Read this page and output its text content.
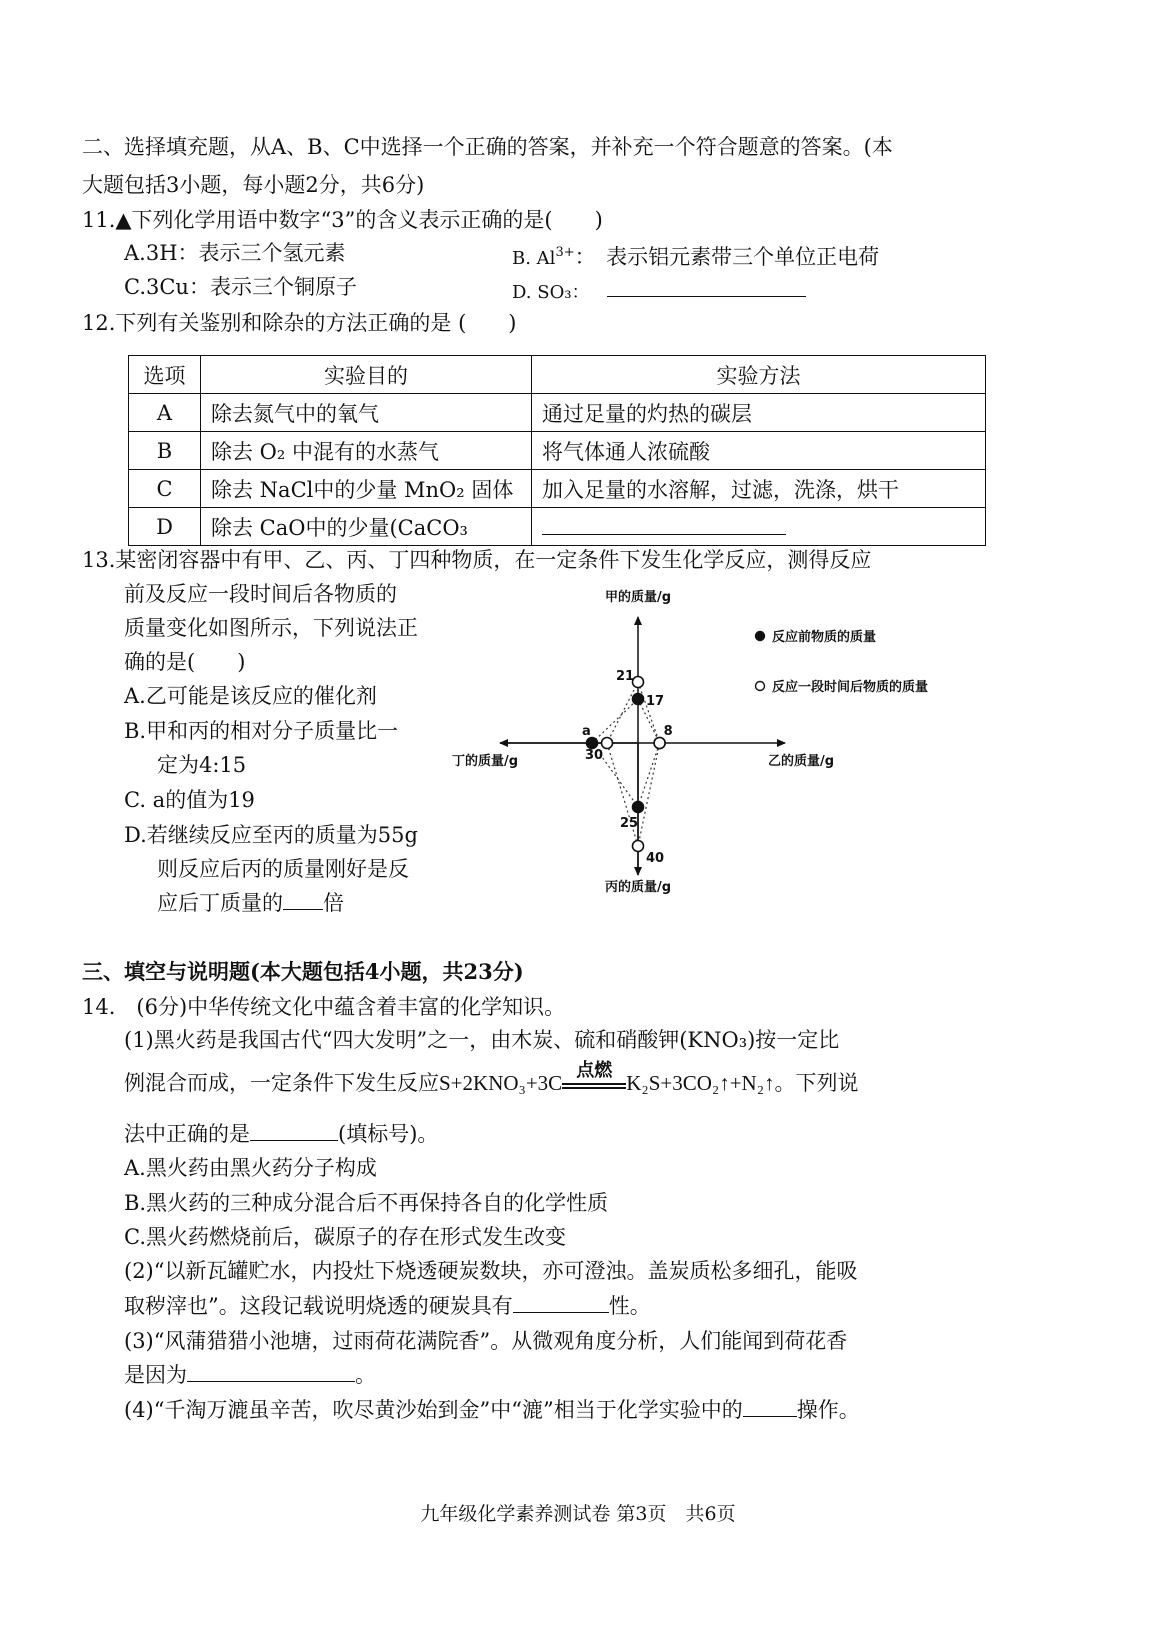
二、选择填充题，从A、B、C中选择一个正确的答案，并补充一个符合题意的答案。(本
大题包括3小题，每小题2分，共6分)
11.▲下列化学用语中数字“3”的含义表示正确的是(　　)
A.3H：表示三个氢元素	B. $Al^{3+}$：　表示铝元素带三个单位正电荷
C.3Cu：表示三个铜原子	D. SO₃：
12.下列有关鉴别和除杂的方法正确的是 (　　)
选项	实验目的	实验方法
A	除去氮气中的氧气	通过足量的灼热的碳层
B	除去 O₂ 中混有的水蒸气	将气体通人浓硫酸
C	除去 NaCl中的少量 MnO₂ 固体	加入足量的水溶解，过滤，洗涤，烘干
D	除去 CaO中的少量(CaCO₃	
13.某密闭容器中有甲、乙、丙、丁四种物质，在一定条件下发生化学反应，测得反应
前及反应一段时间后各物质的
质量变化如图所示，下列说法正
确的是(　　)
A.乙可能是该反应的催化剂
B.甲和丙的相对分子质量比一
定为4:15
C. a的值为19
D.若继续反应至丙的质量为55g
则反应后丙的质量刚好是反
应后丁质量的 倍
甲的质量/g
乙的质量/g
丙的质量/g
丁的质量/g
17
8
25
a
21
40
30
反应前物质的质量
反应一段时间后物质的质量
三、填空与说明题(本大题包括4小题，共23分)
14.　(6分)中华传统文化中蕴含着丰富的化学知识。
(1)黑火药是我国古代“四大发明”之一，由木炭、硫和硝酸钾(KNO₃)按一定比
例混合而成，一定条件下发生反应S+2KNO₃+3C
点燃
K₂S+3CO₂↑+N₂↑。下列说
法中正确的是	(填标号)。
A.黑火药由黑火药分子构成
B.黑火药的三种成分混合后不再保持各自的化学性质
C.黑火药燃烧前后，碳原子的存在形式发生改变
(2)“以新瓦罐贮水，内投灶下烧透硬炭数块，亦可澄浊。盖炭质松多细孔，能吸
取秽滓也”。这段记载说明烧透的硬炭具有	性。
(3)“风蒲猎猎小池塘，过雨荷花满院香”。从微观角度分析，人们能闻到荷花香
是因为	。
(4)“千淘万漉虽辛苦，吹尽黄沙始到金”中“漉”相当于化学实验中的	操作。
九年级化学素养测试卷 第3页　共6页
